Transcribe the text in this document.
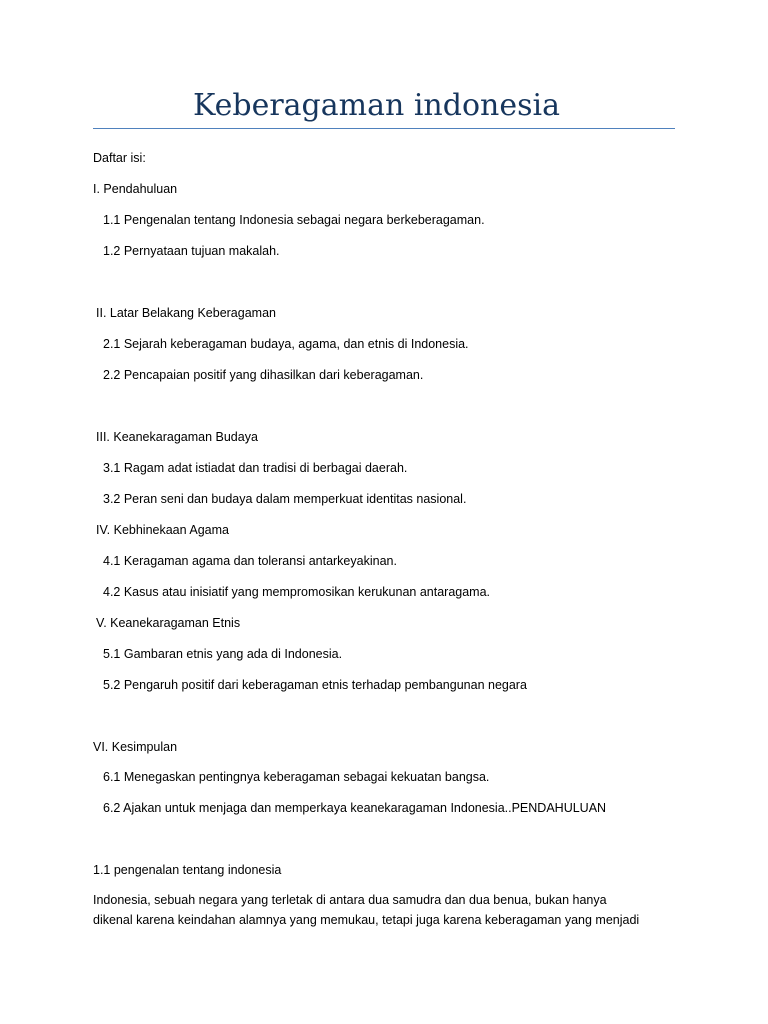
Keberagaman indonesia
Daftar isi:
I. Pendahuluan
1.1 Pengenalan tentang Indonesia sebagai negara berkeberagaman.
1.2 Pernyataan tujuan makalah.
II. Latar Belakang Keberagaman
2.1 Sejarah keberagaman budaya, agama, dan etnis di Indonesia.
2.2 Pencapaian positif yang dihasilkan dari keberagaman.
III. Keanekaragaman Budaya
3.1 Ragam adat istiadat dan tradisi di berbagai daerah.
3.2 Peran seni dan budaya dalam memperkuat identitas nasional.
IV. Kebhinekaan Agama
4.1 Keragaman agama dan toleransi antarkeyakinan.
4.2 Kasus atau inisiatif yang mempromosikan kerukunan antaragama.
V. Keanekaragaman Etnis
5.1 Gambaran etnis yang ada di Indonesia.
5.2 Pengaruh positif dari keberagaman etnis terhadap pembangunan negara
VI. Kesimpulan
6.1 Menegaskan pentingnya keberagaman sebagai kekuatan bangsa.
6.2 Ajakan untuk menjaga dan memperkaya keanekaragaman Indonesia..PENDAHULUAN
1.1 pengenalan tentang indonesia
Indonesia, sebuah negara yang terletak di antara dua samudra dan dua benua, bukan hanya
dikenal karena keindahan alamnya yang memukau, tetapi juga karena keberagaman yang menjadi
